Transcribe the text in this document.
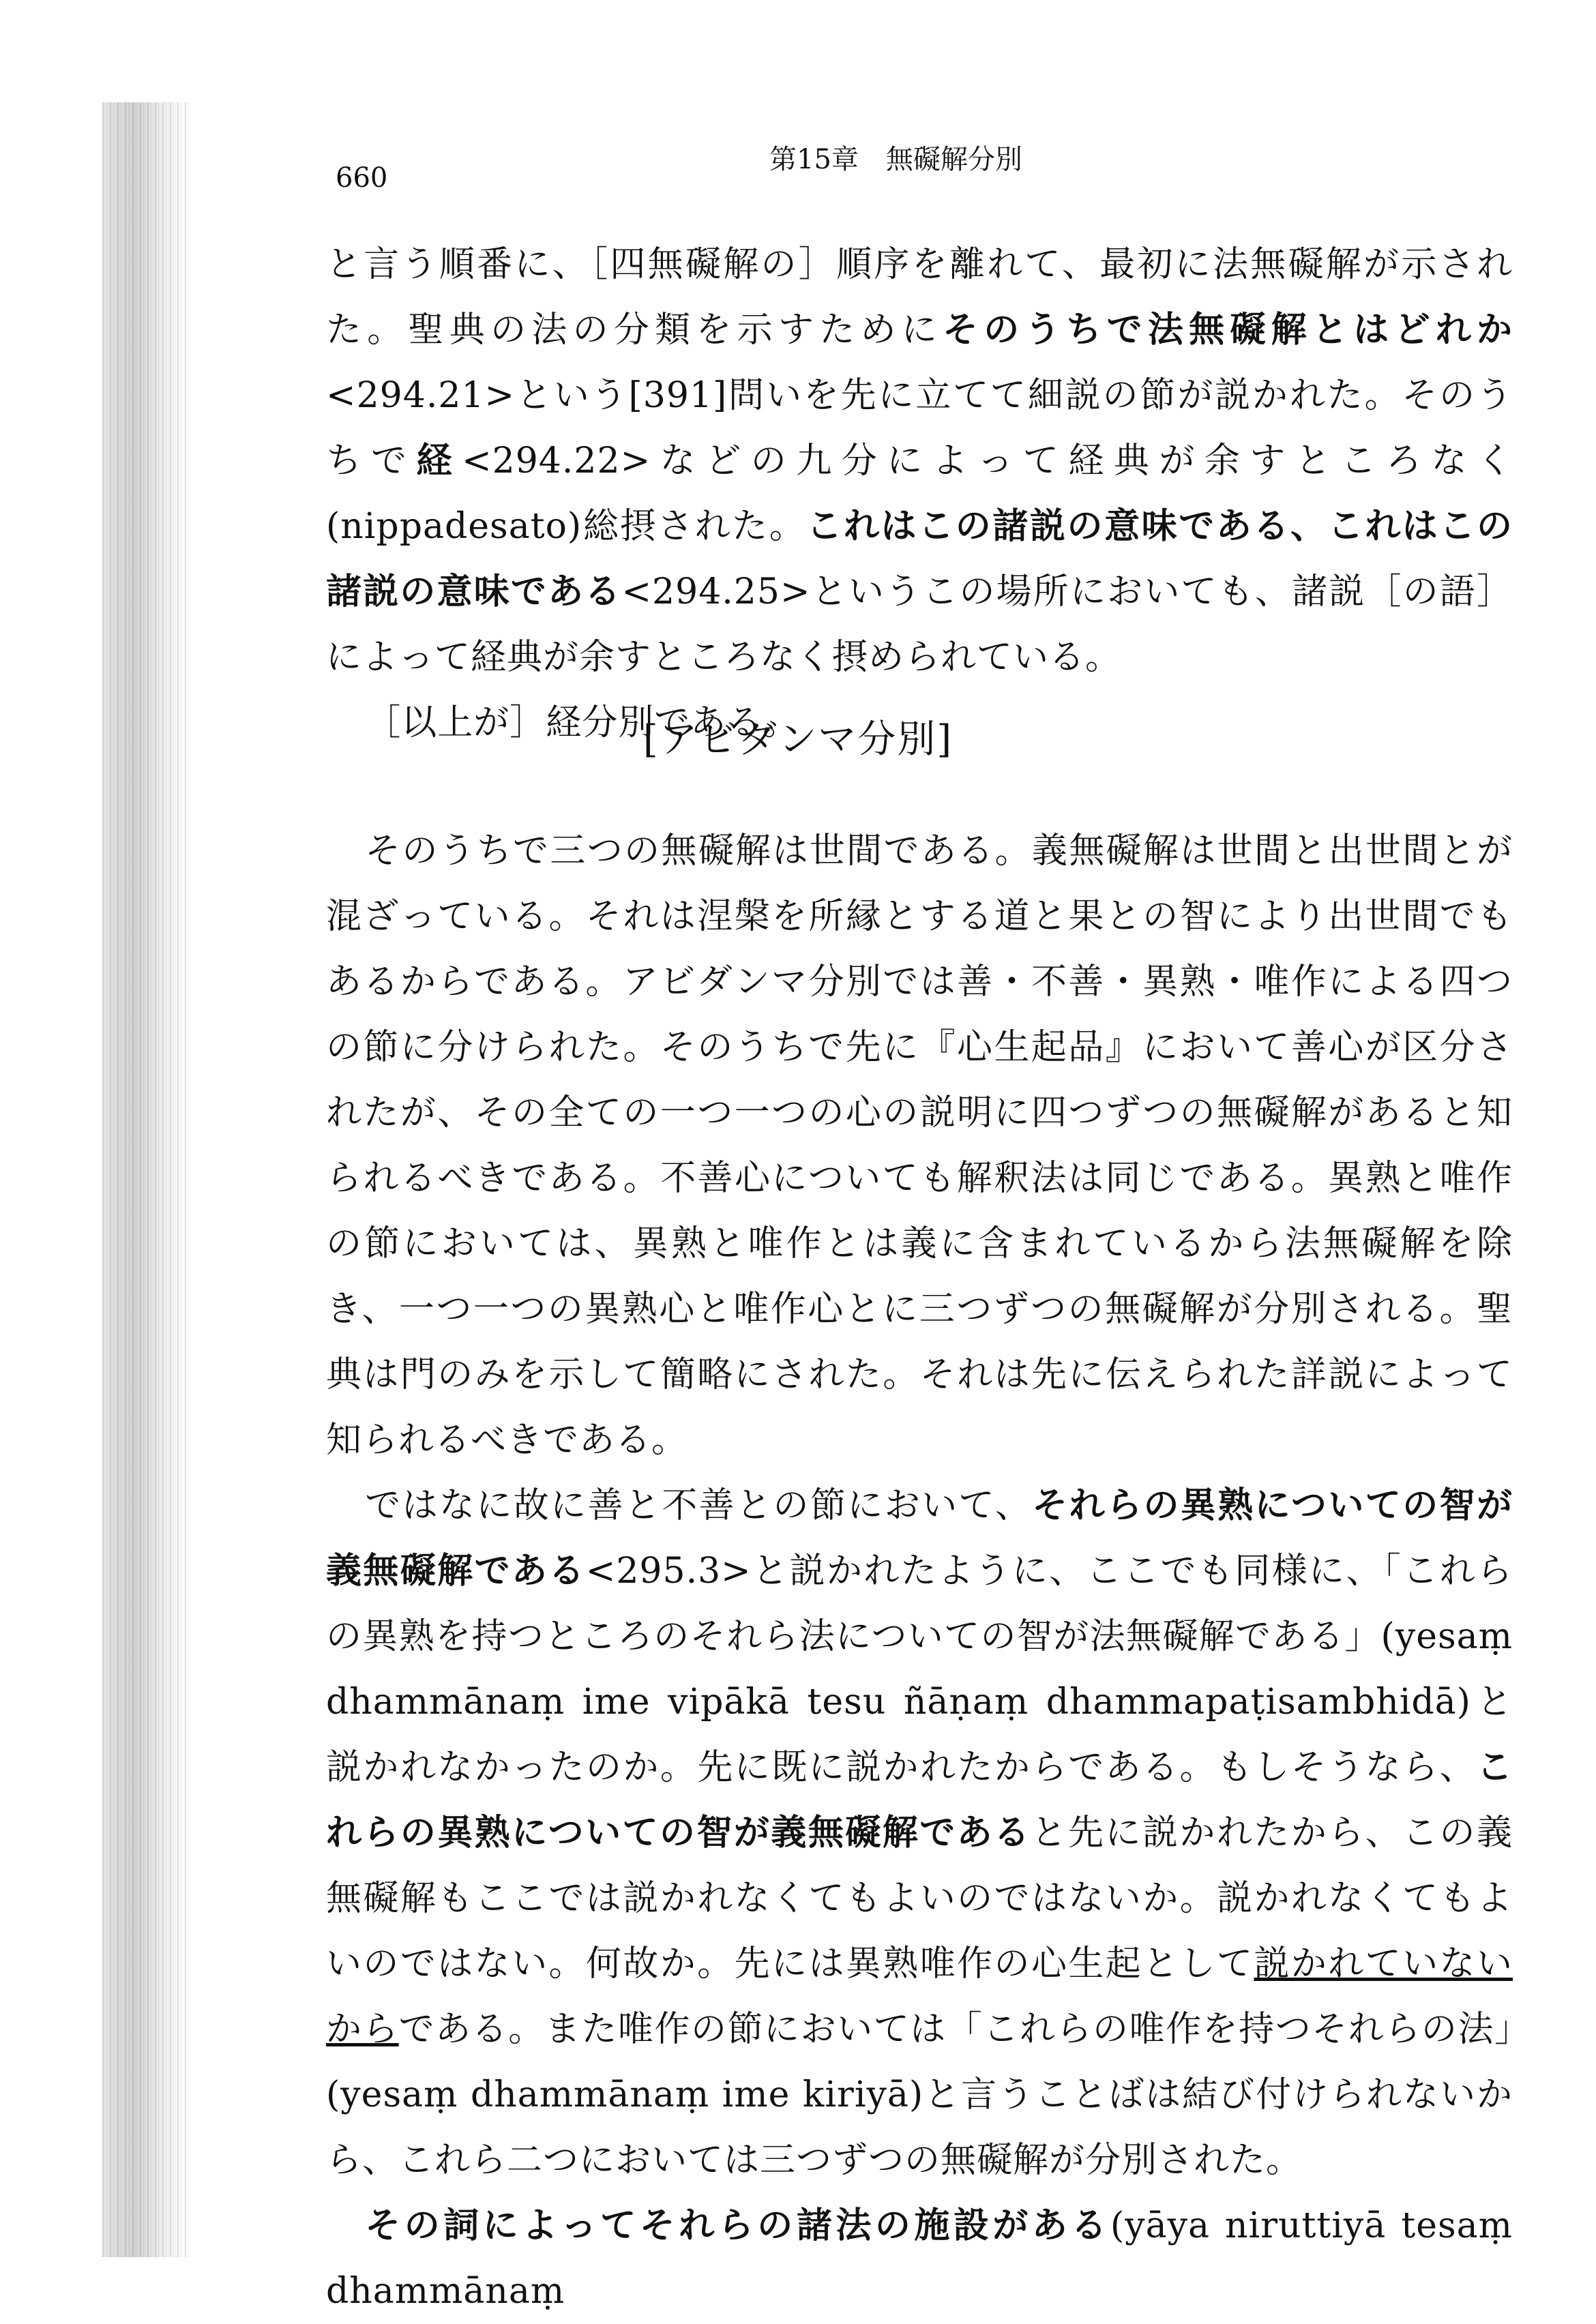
660
第15章　無礙解分別

と言う順番に、［四無礙解の］順序を離れて、最初に法無礙解が示された。聖典の法の分類を示すためにそのうちで法無礙解とはどれか<294.21>という[391]問いを先に立てて細説の節が説かれた。そのうちで経<294.22>などの九分によって経典が余すところなく(nippadesato)総摂された。これはこの諸説の意味である、これはこの諸説の意味である<294.25>というこの場所においても、諸説［の語］によって経典が余すところなく摂められている。

［以上が］経分別である。

[アビダンマ分別]

そのうちで三つの無礙解は世間である。義無礙解は世間と出世間とが混ざっている。それは涅槃を所縁とする道と果との智により出世間でもあるからである。アビダンマ分別では善・不善・異熟・唯作による四つの節に分けられた。そのうちで先に『心生起品』において善心が区分されたが、その全ての一つ一つの心の説明に四つずつの無礙解があると知られるべきである。不善心についても解釈法は同じである。異熟と唯作の節においては、異熟と唯作とは義に含まれているから法無礙解を除き、一つ一つの異熟心と唯作心とに三つずつの無礙解が分別される。聖典は門のみを示して簡略にされた。それは先に伝えられた詳説によって知られるべきである。

ではなに故に善と不善との節において、それらの異熟についての智が義無礙解である<295.3>と説かれたように、ここでも同様に、「これらの異熟を持つところのそれら法についての智が法無礙解である」(yesaṃ dhammānaṃ ime vipākā tesu ñāṇaṃ dhammapaṭisambhidā)と説かれなかったのか。先に既に説かれたからである。もしそうなら、これらの異熟についての智が義無礙解であると先に説かれたから、この義無礙解もここでは説かれなくてもよいのではないか。説かれなくてもよいのではない。何故か。先には異熟唯作の心生起として説かれていないからである。また唯作の節においては「これらの唯作を持つそれらの法」(yesaṃ dhammānaṃ ime kiriyā)と言うことばは結び付けられないから、これら二つにおいては三つずつの無礙解が分別された。

その詞によってそれらの諸法の施設がある(yāya niruttiyā tesaṃ dhammānaṃ
